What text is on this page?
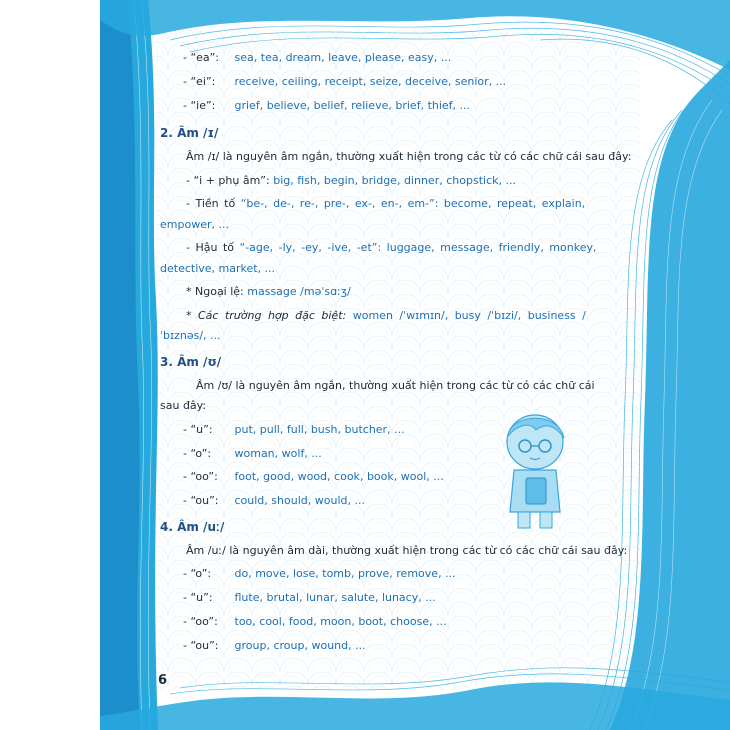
- “ea”: sea, tea, dream, leave, please, easy, ...
- “ei”: receive, ceiling, receipt, seize, deceive, senior, ...
- “ie”: grief, believe, belief, relieve, brief, thief, ...
2. Âm /ɪ/
Âm /ɪ/ là nguyên âm ngắn, thường xuất hiện trong các từ có các chữ cái sau đây:
- “i + phụ âm”: big, fish, begin, bridge, dinner, chopstick, ...
- Tiền tố “be-, de-, re-, pre-, ex-, en-, em-”: become, repeat, explain,
empower, ...
- Hậu tố “-age, -ly, -ey, -ive, -et”: luggage, message, friendly, monkey,
detective, market, ...
* Ngoại lệ: massage /məˈsɑːʒ/
* Các trường hợp đặc biệt: women /ˈwɪmɪn/, busy /ˈbɪzi/, business /
ˈbɪznəs/, ...
3. Âm /ʊ/
Âm /ʊ/ là nguyên âm ngắn, thường xuất hiện trong các từ có các chữ cái
sau đây:
- “u”: put, pull, full, bush, butcher, ...
- “o”: woman, wolf, ...
- “oo”: foot, good, wood, cook, book, wool, ...
- “ou”: could, should, would, ...
4. Âm /uː/
Âm /uː/ là nguyên âm dài, thường xuất hiện trong các từ có các chữ cái sau đây:
- “o”: do, move, lose, tomb, prove, remove, ...
- “u”: flute, brutal, lunar, salute, lunacy, ...
- “oo”: too, cool, food, moon, boot, choose, ...
- “ou”: group, croup, wound, ...
6
